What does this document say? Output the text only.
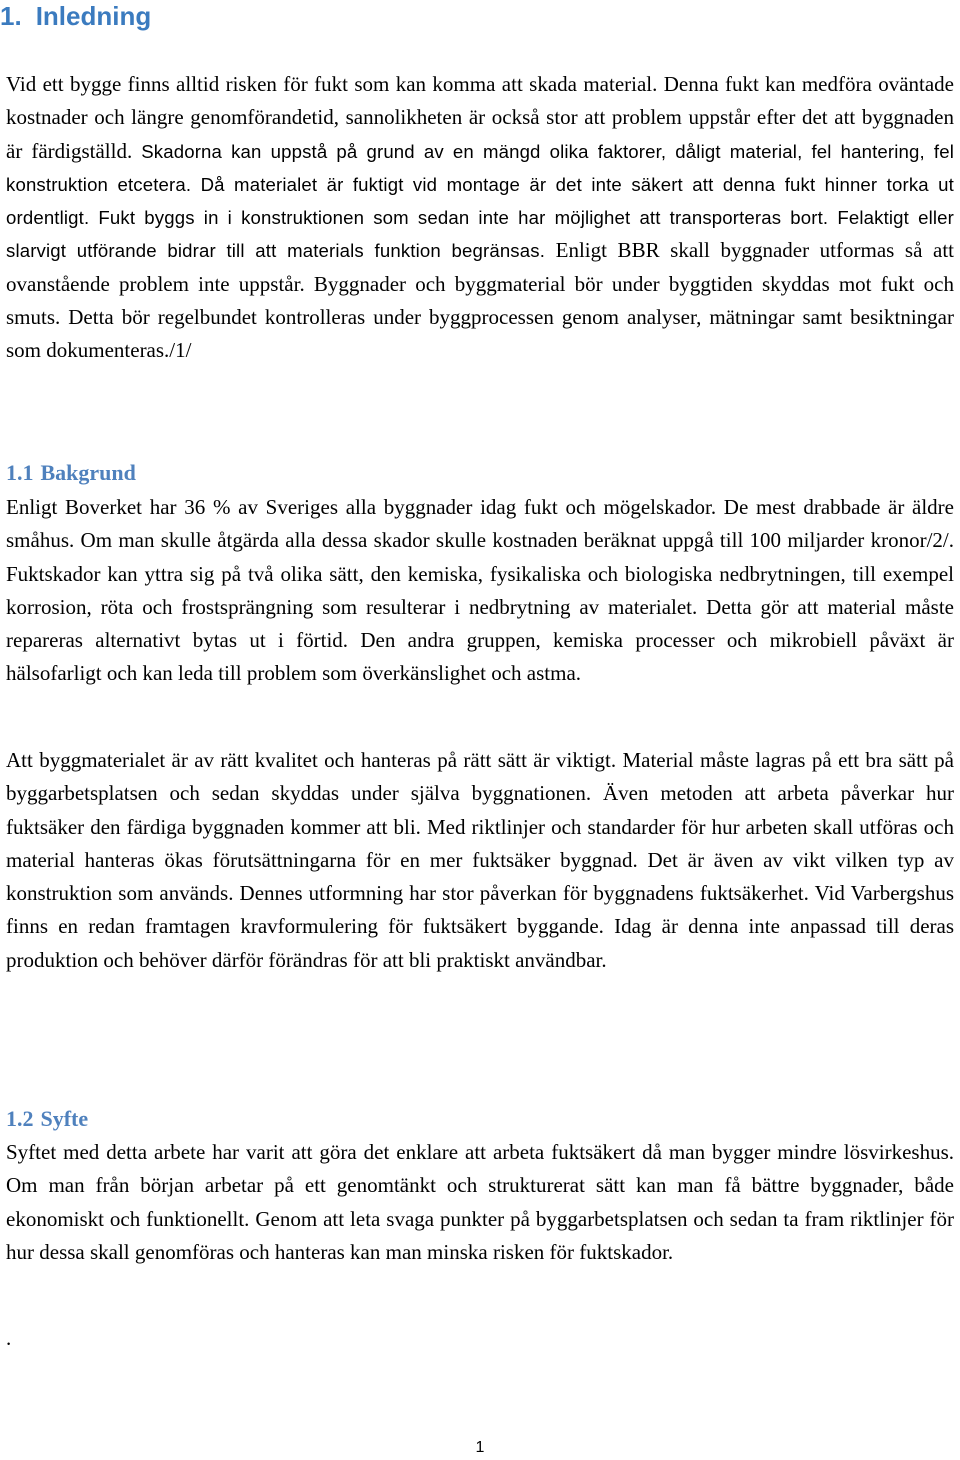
1. Inledning

Vid ett bygge finns alltid risken för fukt som kan komma att skada material. Denna fukt kan medföra oväntade kostnader och längre genomförandetid, sannolikheten är också stor att problem uppstår efter det att byggnaden är färdigställd. Skadorna kan uppstå på grund av en mängd olika faktorer, dåligt material, fel hantering, fel konstruktion etcetera. Då materialet är fuktigt vid montage är det inte säkert att denna fukt hinner torka ut ordentligt. Fukt byggs in i konstruktionen som sedan inte har möjlighet att transporteras bort. Felaktigt eller slarvigt utförande bidrar till att materials funktion begränsas. Enligt BBR skall byggnader utformas så att ovanstående problem inte uppstår. Byggnader och byggmaterial bör under byggtiden skyddas mot fukt och smuts. Detta bör regelbundet kontrolleras under byggprocessen genom analyser, mätningar samt besiktningar som dokumenteras./1/

1.1 Bakgrund

Enligt Boverket har 36 % av Sveriges alla byggnader idag fukt och mögelskador. De mest drabbade är äldre småhus. Om man skulle åtgärda alla dessa skador skulle kostnaden beräknat uppgå till 100 miljarder kronor/2/. Fuktskador kan yttra sig på två olika sätt, den kemiska, fysikaliska och biologiska nedbrytningen, till exempel korrosion, röta och frostsprängning som resulterar i nedbrytning av materialet. Detta gör att material måste repareras alternativt bytas ut i förtid. Den andra gruppen, kemiska processer och mikrobiell påväxt är hälsofarligt och kan leda till problem som överkänslighet och astma.

Att byggmaterialet är av rätt kvalitet och hanteras på rätt sätt är viktigt. Material måste lagras på ett bra sätt på byggarbetsplatsen och sedan skyddas under själva byggnationen. Även metoden att arbeta påverkar hur fuktsäker den färdiga byggnaden kommer att bli. Med riktlinjer och standarder för hur arbeten skall utföras och material hanteras ökas förutsättningarna för en mer fuktsäker byggnad. Det är även av vikt vilken typ av konstruktion som används. Dennes utformning har stor påverkan för byggnadens fuktsäkerhet. Vid Varbergshus finns en redan framtagen kravformulering för fuktsäkert byggande. Idag är denna inte anpassad till deras produktion och behöver därför förändras för att bli praktiskt användbar.

1.2 Syfte

Syftet med detta arbete har varit att göra det enklare att arbeta fuktsäkert då man bygger mindre lösvirkeshus. Om man från början arbetar på ett genomtänkt och strukturerat sätt kan man få bättre byggnader, både ekonomiskt och funktionellt. Genom att leta svaga punkter på byggarbetsplatsen och sedan ta fram riktlinjer för hur dessa skall genomföras och hanteras kan man minska risken för fuktskador.

.

1
